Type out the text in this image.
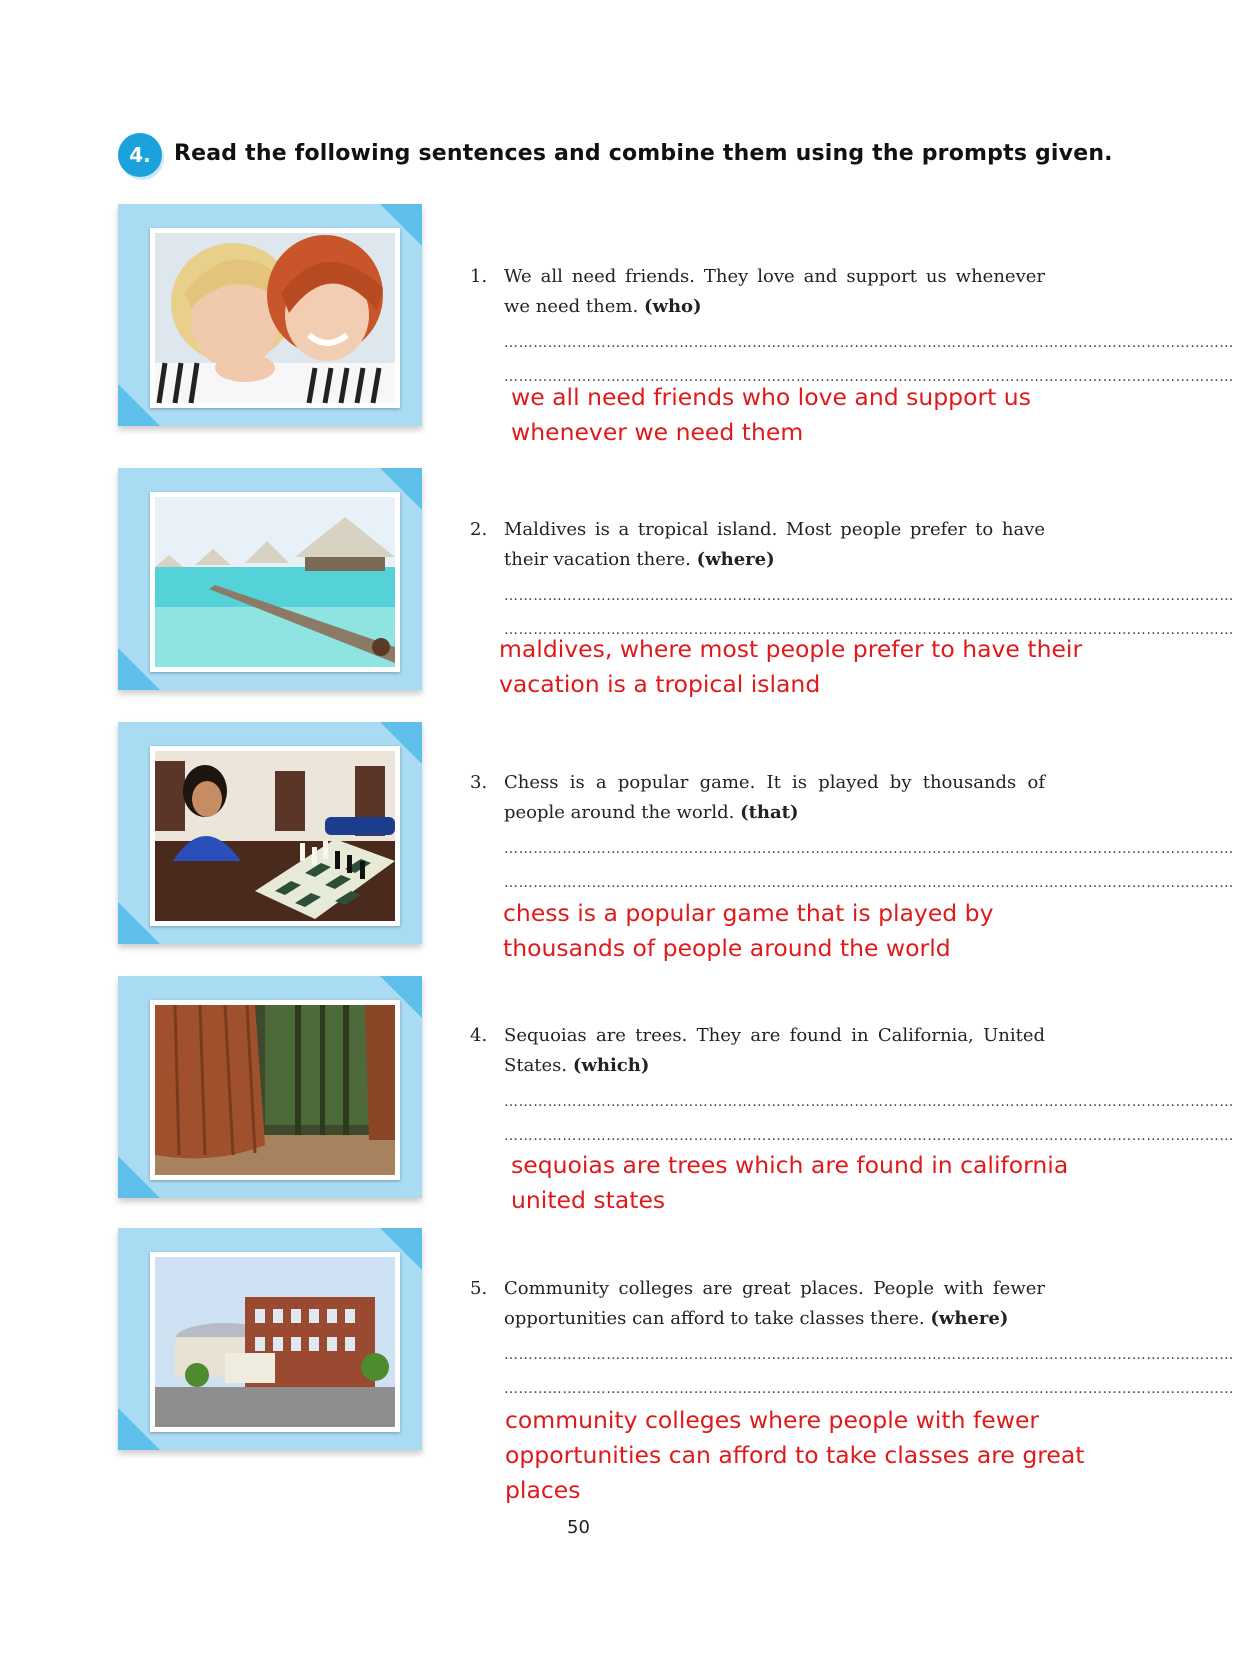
4.	Read the following sentences and combine them using the prompts given.
1. We all need friends. They love and support us whenever we need them. (who)
……………………………………………………………………………………………………………………………………
……………………………………………………………………………………………………………………………………
we all need friends who love and support us
whenever we need them
2. Maldives is a tropical island. Most people prefer to have their vacation there. (where)
……………………………………………………………………………………………………………………………………
……………………………………………………………………………………………………………………………………
maldives, where most people prefer to have their
vacation is a tropical island
3. Chess is a popular game. It is played by thousands of people around the world. (that)
……………………………………………………………………………………………………………………………………
……………………………………………………………………………………………………………………………………
chess is a popular game that is played by
thousands of people around the world
4. Sequoias are trees. They are found in California, United States. (which)
……………………………………………………………………………………………………………………………………
……………………………………………………………………………………………………………………………………
sequoias are trees which are found in california
united states
5. Community colleges are great places. People with fewer opportunities can afford to take classes there. (where)
……………………………………………………………………………………………………………………………………
……………………………………………………………………………………………………………………………………
community colleges where people with fewer
opportunities can afford to take classes are great
places
50
